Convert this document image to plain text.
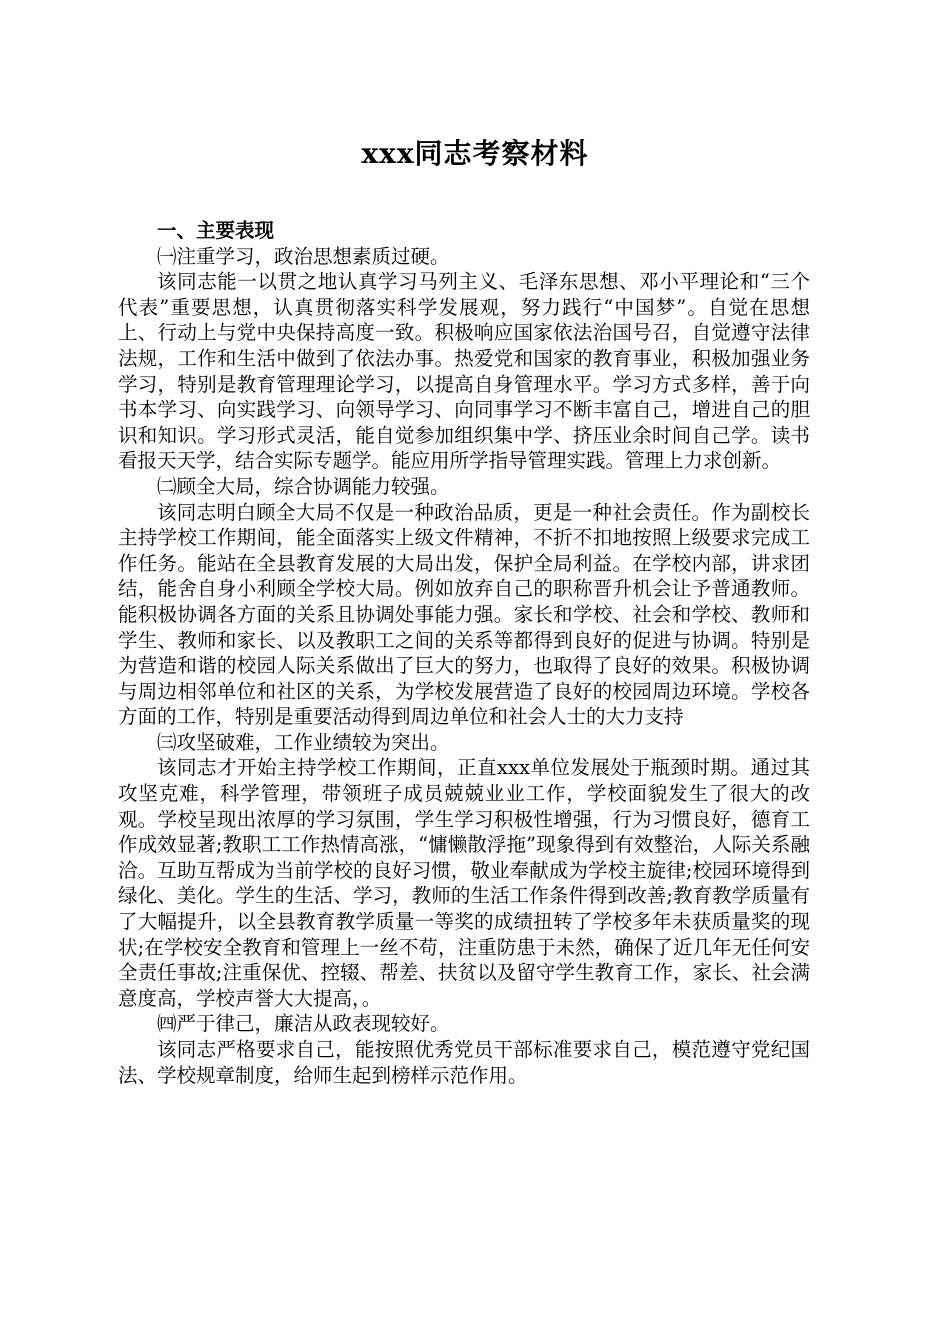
xxx同志考察材料

一、主要表现

㈠注重学习，政治思想素质过硬。

该同志能一以贯之地认真学习马列主义、毛泽东思想、邓小平理论和“三个代表”重要思想，认真贯彻落实科学发展观，努力践行“中国梦”。自觉在思想上、行动上与党中央保持高度一致。积极响应国家依法治国号召，自觉遵守法律法规，工作和生活中做到了依法办事。热爱党和国家的教育事业，积极加强业务学习，特别是教育管理理论学习，以提高自身管理水平。学习方式多样，善于向书本学习、向实践学习、向领导学习、向同事学习不断丰富自己，增进自己的胆识和知识。学习形式灵活，能自觉参加组织集中学、挤压业余时间自己学。读书看报天天学，结合实际专题学。能应用所学指导管理实践。管理上力求创新。

㈡顾全大局，综合协调能力较强。

该同志明白顾全大局不仅是一种政治品质，更是一种社会责任。作为副校长主持学校工作期间，能全面落实上级文件精神，不折不扣地按照上级要求完成工作任务。能站在全县教育发展的大局出发，保护全局利益。在学校内部，讲求团结，能舍自身小利顾全学校大局。例如放弃自己的职称晋升机会让予普通教师。能积极协调各方面的关系且协调处事能力强。家长和学校、社会和学校、教师和学生、教师和家长、以及教职工之间的关系等都得到良好的促进与协调。特别是为营造和谐的校园人际关系做出了巨大的努力，也取得了良好的效果。积极协调与周边相邻单位和社区的关系，为学校发展营造了良好的校园周边环境。学校各方面的工作，特别是重要活动得到周边单位和社会人士的大力支持

㈢攻坚破难，工作业绩较为突出。

该同志才开始主持学校工作期间，正直xxx单位发展处于瓶颈时期。通过其攻坚克难，科学管理，带领班子成员兢兢业业工作，学校面貌发生了很大的改观。学校呈现出浓厚的学习氛围，学生学习积极性增强，行为习惯良好，德育工作成效显著;教职工工作热情高涨，“慵懒散浮拖”现象得到有效整治，人际关系融洽。互助互帮成为当前学校的良好习惯，敬业奉献成为学校主旋律;校园环境得到绿化、美化。学生的生活、学习，教师的生活工作条件得到改善;教育教学质量有了大幅提升，以全县教育教学质量一等奖的成绩扭转了学校多年未获质量奖的现状;在学校安全教育和管理上一丝不苟，注重防患于未然，确保了近几年无任何安全责任事故;注重保优、控辍、帮差、扶贫以及留守学生教育工作，家长、社会满意度高，学校声誉大大提高，。

㈣严于律己，廉洁从政表现较好。

该同志严格要求自己，能按照优秀党员干部标准要求自己，模范遵守党纪国法、学校规章制度，给师生起到榜样示范作用。
